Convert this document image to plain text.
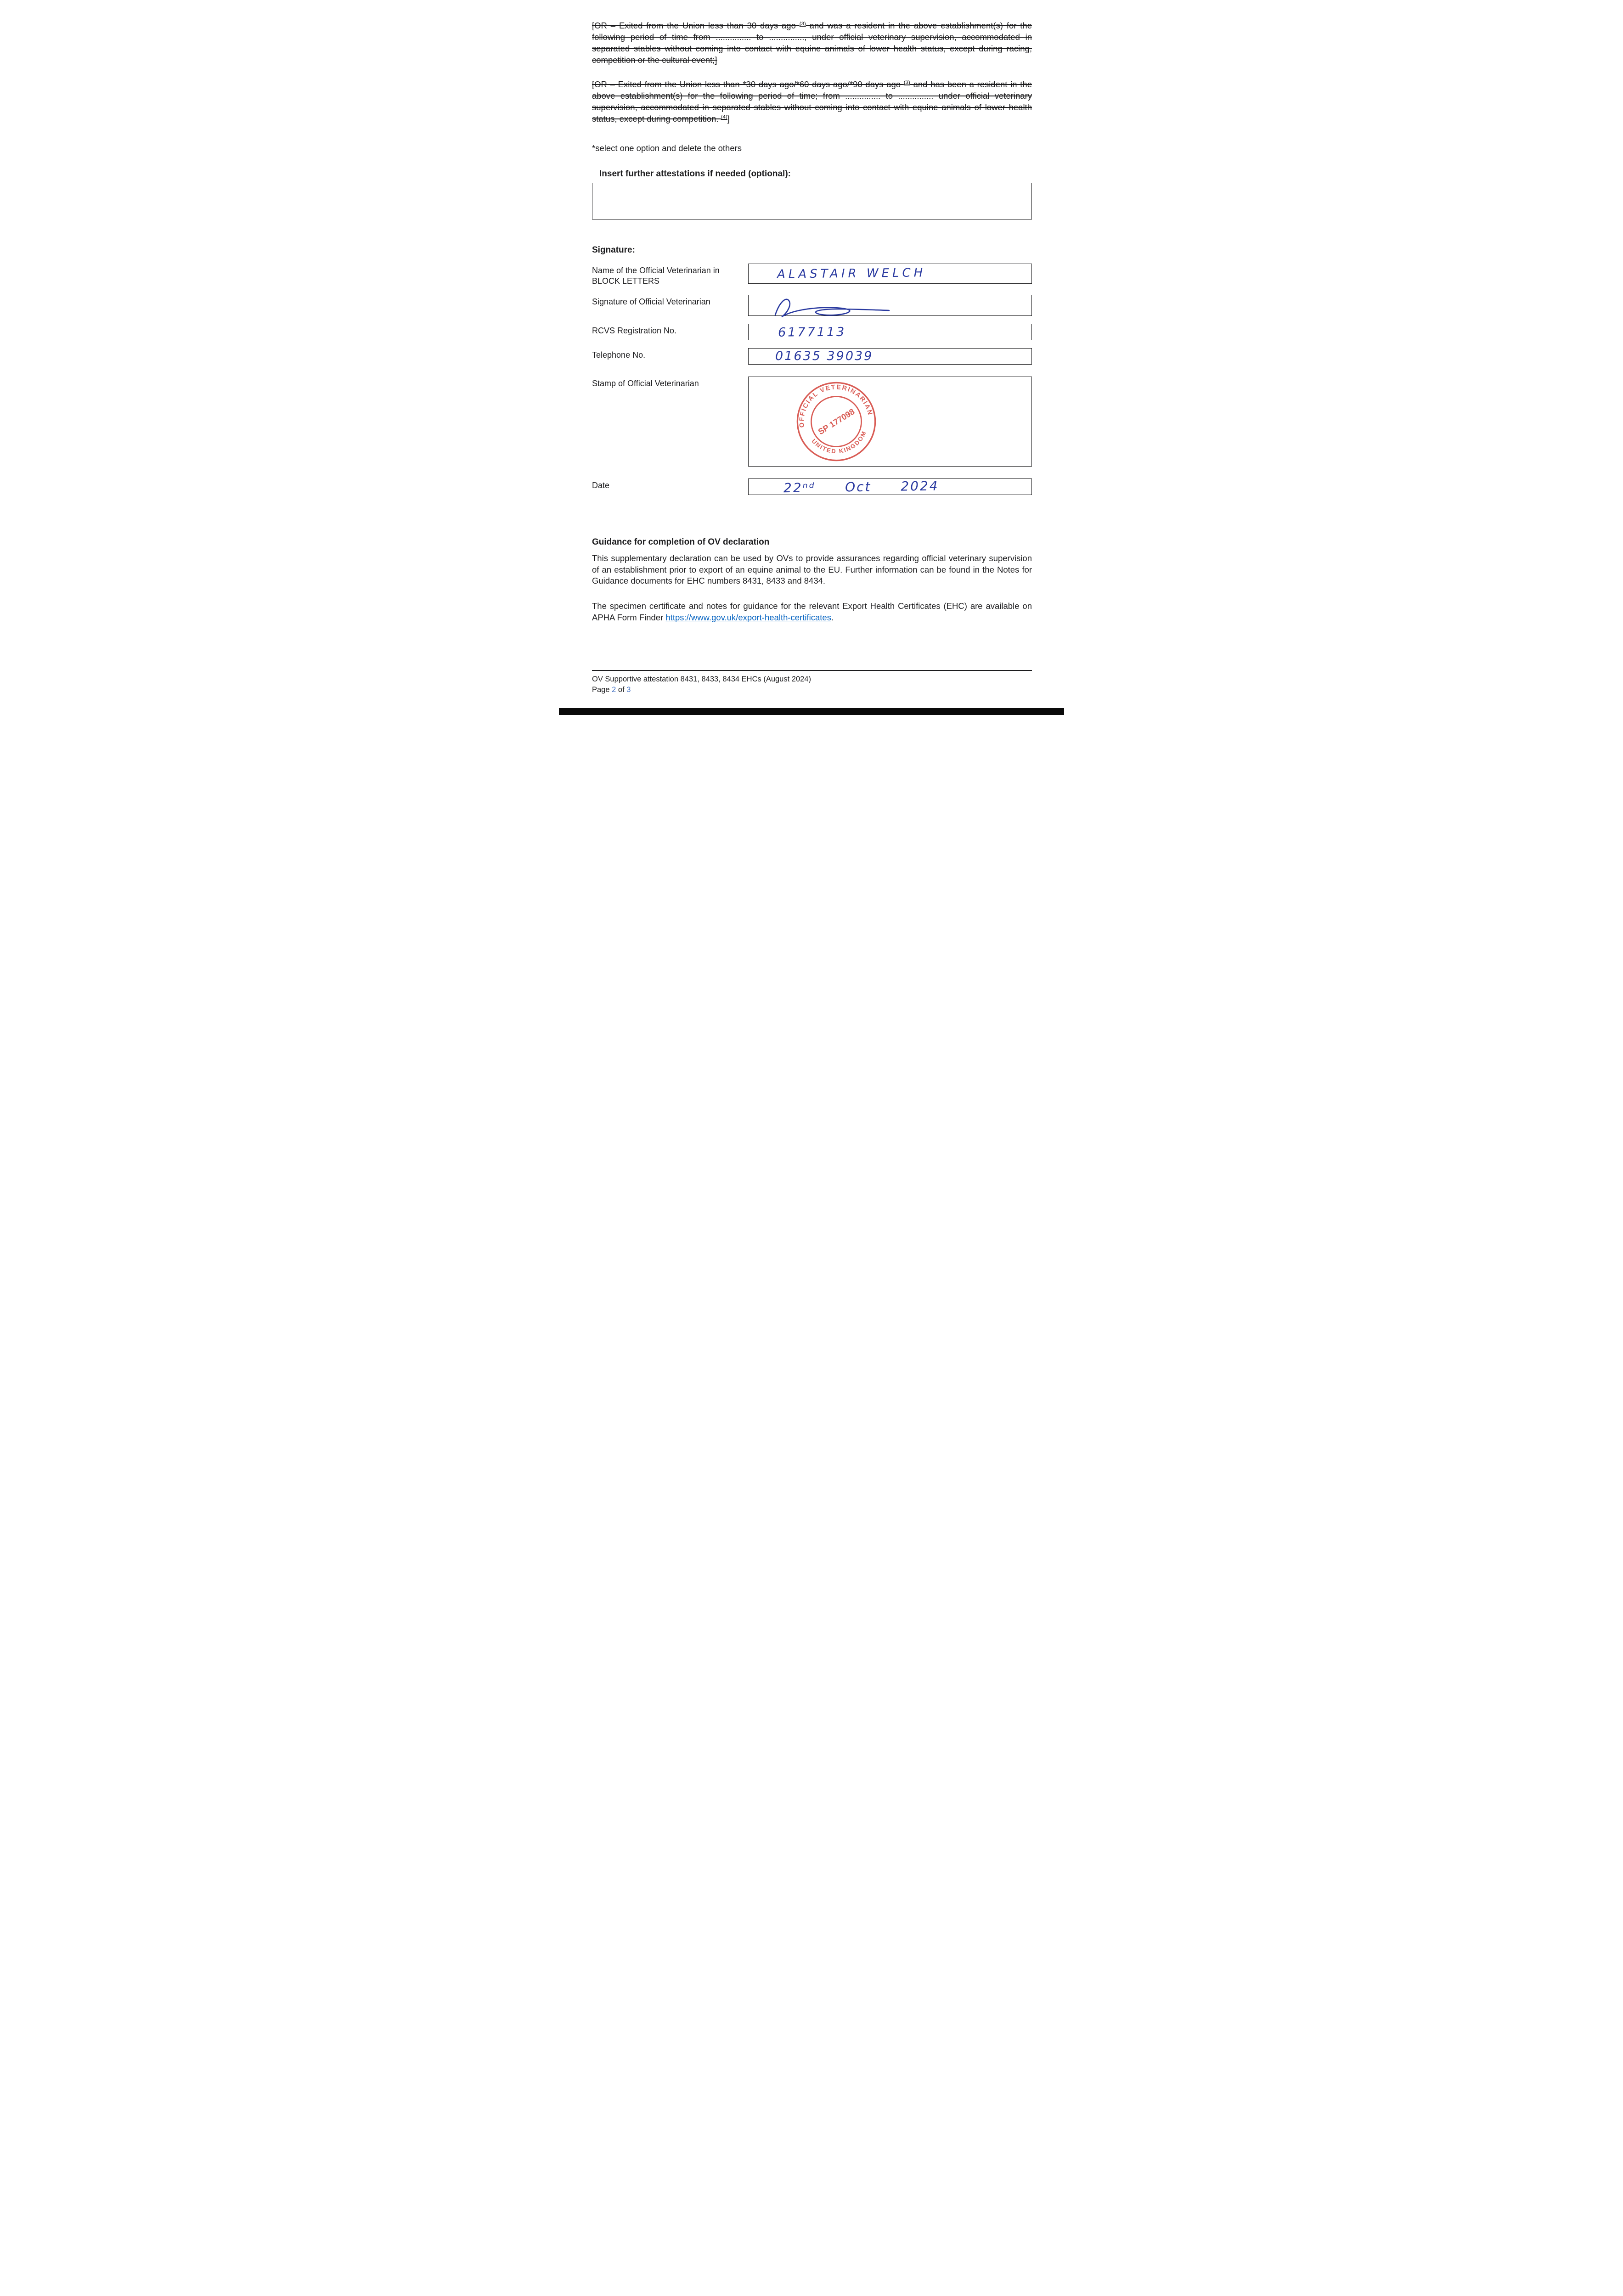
[OR – Exited from the Union less than 30 days ago $^{(3)}$ and was a resident in the above establishment(s) for the following period of time from ............... to ..............., under official veterinary supervision, accommodated in separated stables without coming into contact with equine animals of lower health status, except during racing, competition or the cultural event;]

[OR – Exited from the Union less than *30 days ago/*60 days ago/*90 days ago $^{(3)}$ and has been a resident in the above establishment(s) for the following period of time; from ............... to ............... under official veterinary supervision, accommodated in separated stables without coming into contact with equine animals of lower health status, except during competition. $^{(4)}$]

*select one option and delete the others
Insert further attestations if needed (optional):
Signature:
Name of the Official Veterinarian in BLOCK LETTERS	ALASTAIR WELCH
Signature of Official Veterinarian
RCVS Registration No.	6177113
Telephone No.	01635 39039
Stamp of Official Veterinarian
OFFICIAL VETERINARIAN
UNITED KINGDOM
SP 177098
Date	22ⁿᵈ Oct 2024
Guidance for completion of OV declaration

This supplementary declaration can be used by OVs to provide assurances regarding official veterinary supervision of an establishment prior to export of an equine animal to the EU. Further information can be found in the Notes for Guidance documents for EHC numbers 8431, 8433 and 8434.

The specimen certificate and notes for guidance for the relevant Export Health Certificates (EHC) are available on APHA Form Finder https://www.gov.uk/export-health-certificates.

OV Supportive attestation 8431, 8433, 8434 EHCs (August 2024)
Page 2 of 3
